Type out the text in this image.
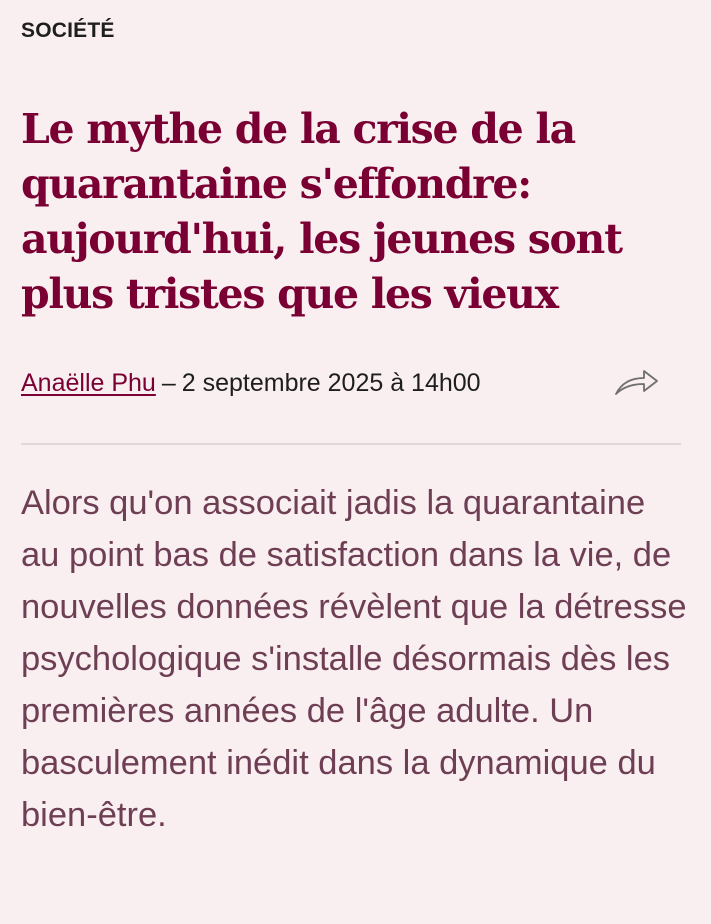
SOCIÉTÉ
Le mythe de la crise de la quarantaine s'effondre: aujourd'hui, les jeunes sont plus tristes que les vieux
Anaëlle Phu – 2 septembre 2025 à 14h00

Alors qu'on associait jadis la quarantaine au point bas de satisfaction dans la vie, de nouvelles données révèlent que la détresse psychologique s'installe désormais dès les premières années de l'âge adulte. Un basculement inédit dans la dynamique du bien-être.
